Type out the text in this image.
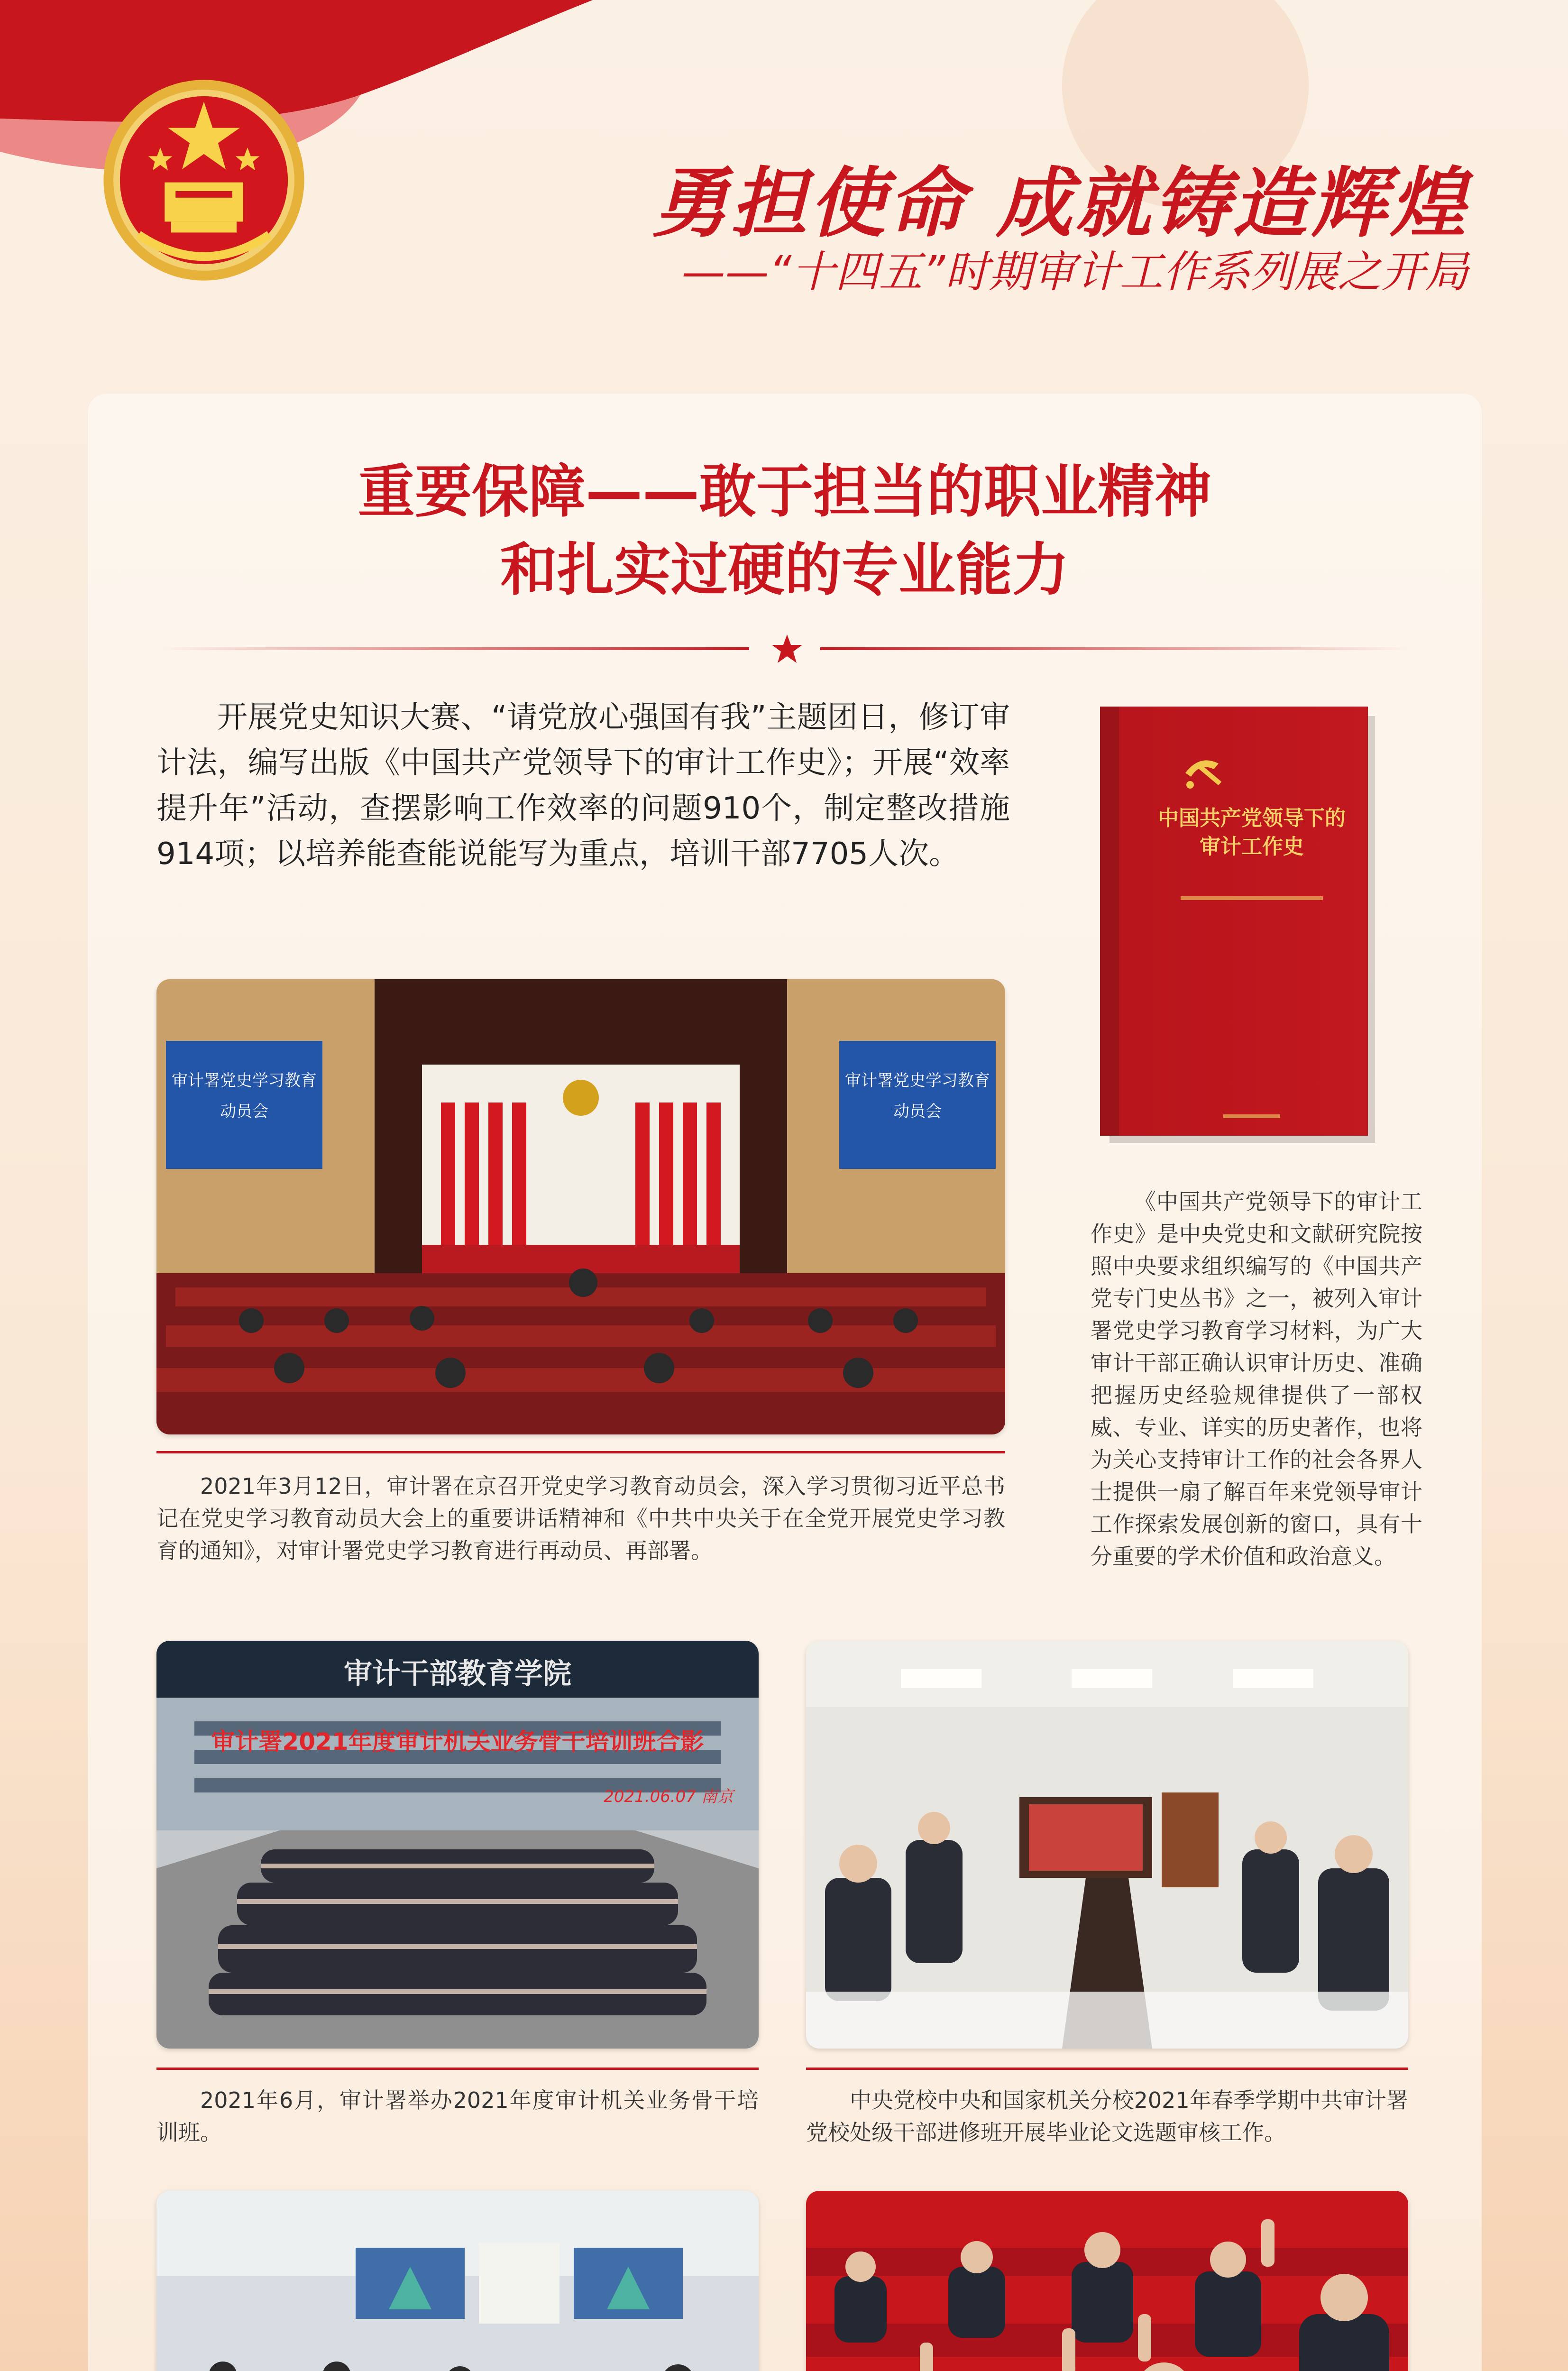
勇担使命 成就铸造辉煌
——“十四五”时期审计工作系列展之开局
重要保障——敢于担当的职业精神
和扎实过硬的专业能力
开展党史知识大赛、“请党放心强国有我”主题团日，修订审计法，编写出版《中国共产党领导下的审计工作史》；开展“效率提升年”活动，查摆影响工作效率的问题910个，制定整改措施914项；以培养能查能说能写为重点，培训干部7705人次。
中国共产党领导下的
审计工作史
《中国共产党领导下的审计工作史》是中央党史和文献研究院按照中央要求组织编写的《中国共产党专门史丛书》之一，被列入审计署党史学习教育学习材料，为广大审计干部正确认识审计历史、准确把握历史经验规律提供了一部权威、专业、详实的历史著作，也将为关心支持审计工作的社会各界人士提供一扇了解百年来党领导审计工作探索发展创新的窗口，具有十分重要的学术价值和政治意义。
审计署党史学习教育
动员会
审计署党史学习教育
动员会
2021年3月12日，审计署在京召开党史学习教育动员会，深入学习贯彻习近平总书记在党史学习教育动员大会上的重要讲话精神和《中共中央关于在全党开展党史学习教育的通知》，对审计署党史学习教育进行再动员、再部署。
审计干部教育学院
审计署2021年度审计机关业务骨干培训班合影
2021.06.07 南京
2021年6月，审计署举办2021年度审计机关业务骨干培训班。
中央党校中央和国家机关分校2021年春季学期中共审计署党校处级干部进修班开展毕业论文选题审核工作。
